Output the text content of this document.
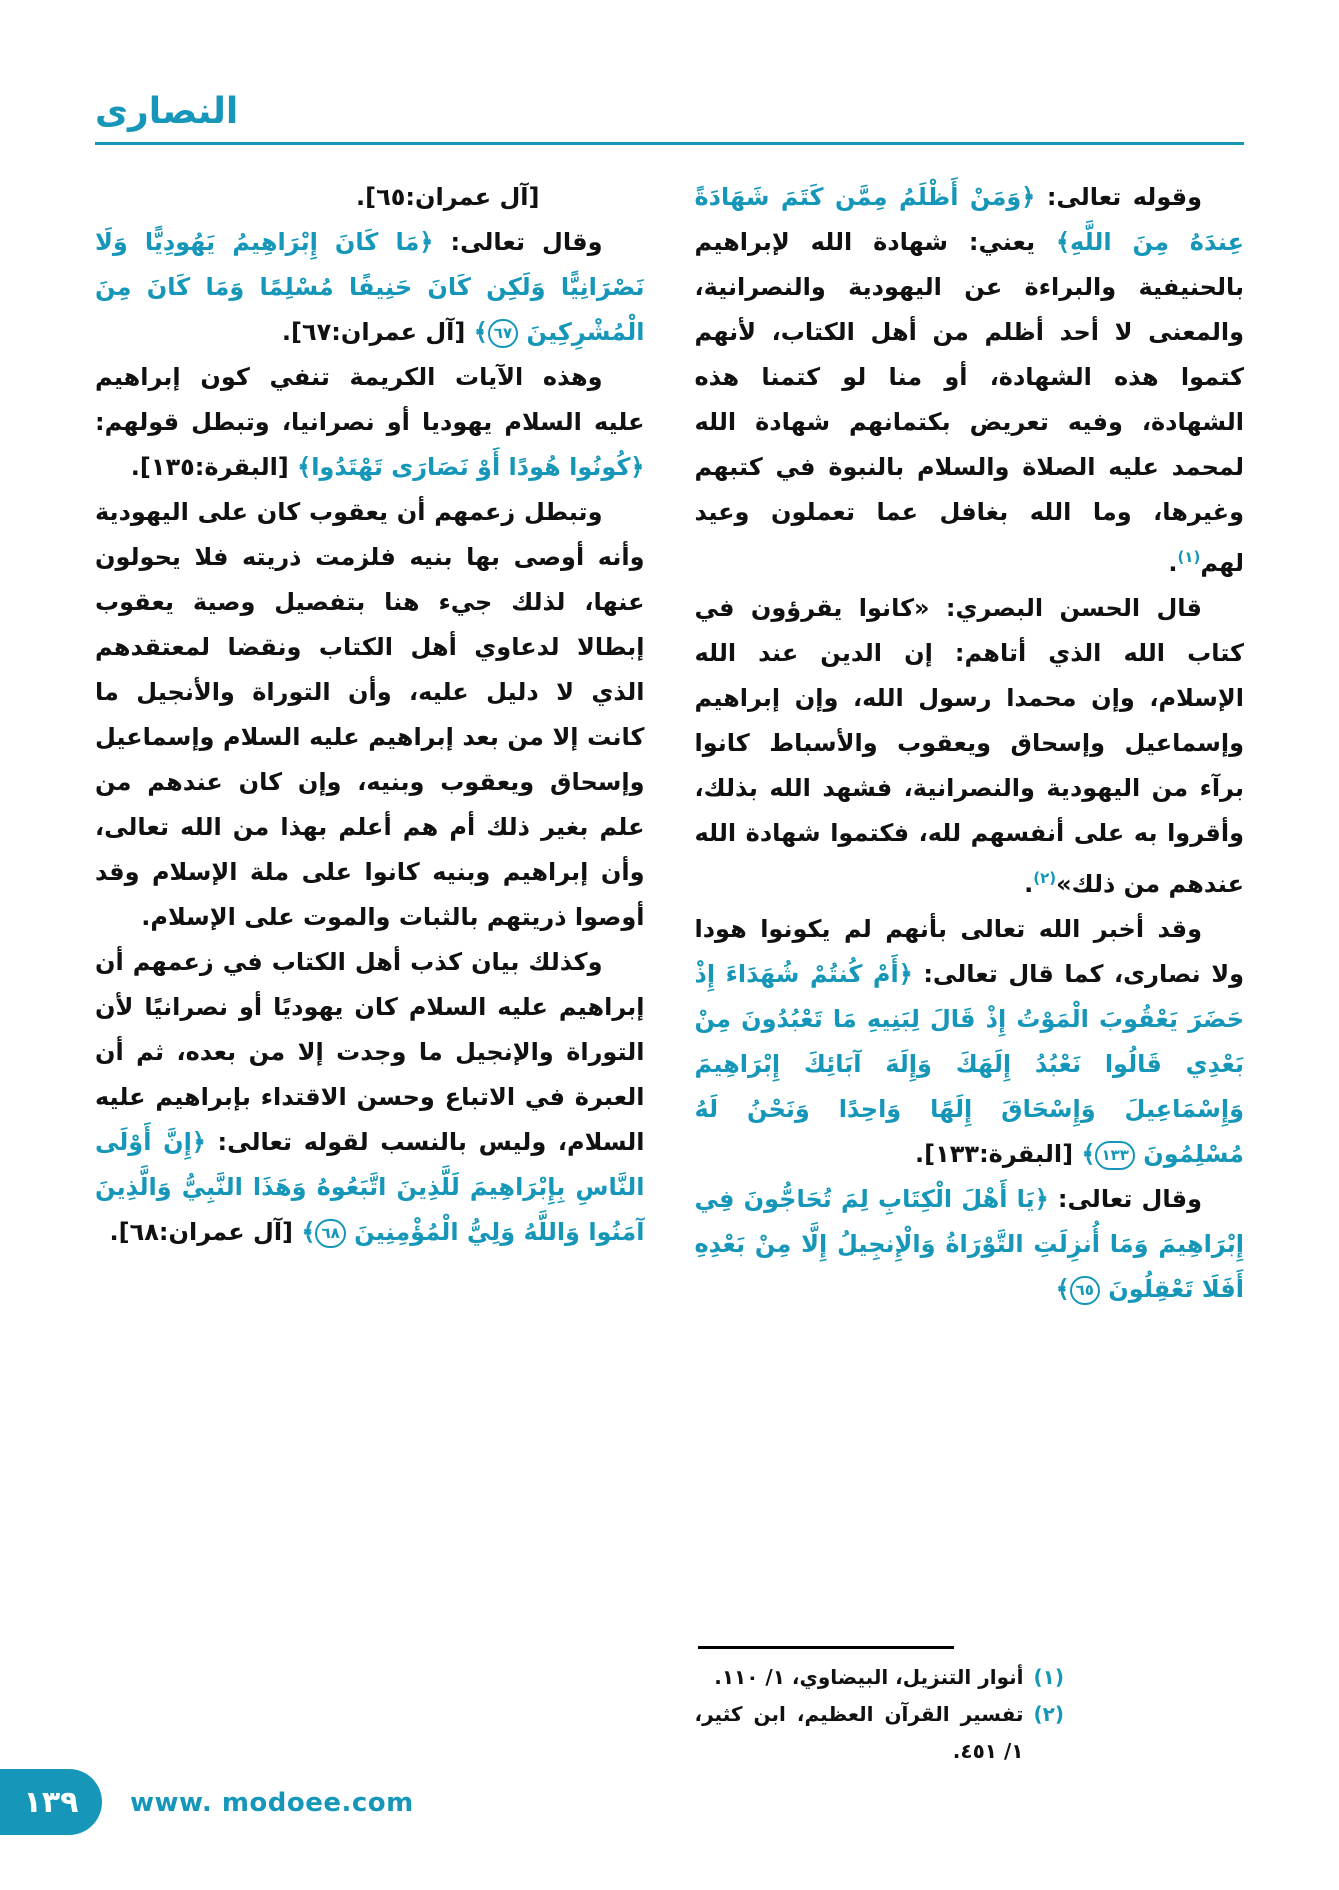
النصارى

وقوله تعالى: ﴿وَمَنْ أَظْلَمُ مِمَّن كَتَمَ شَهَادَةً عِندَهُ مِنَ اللَّهِ﴾ يعني: شهادة الله لإبراهيم بالحنيفية والبراءة عن اليهودية والنصرانية، والمعنى لا أحد أظلم من أهل الكتاب، لأنهم كتموا هذه الشهادة، أو منا لو كتمنا هذه الشهادة، وفيه تعريض بكتمانهم شهادة الله لمحمد عليه الصلاة والسلام بالنبوة في كتبهم وغيرها، وما الله بغافل عما تعملون وعيد لهم$^{(١)}$.

قال الحسن البصري: «كانوا يقرؤون في كتاب الله الذي أتاهم: إن الدين عند الله الإسلام، وإن محمدا رسول الله، وإن إبراهيم وإسماعيل وإسحاق ويعقوب والأسباط كانوا برآء من اليهودية والنصرانية، فشهد الله بذلك، وأقروا به على أنفسهم لله، فكتموا شهادة الله عندهم من ذلك»$^{(٢)}$.

وقد أخبر الله تعالى بأنهم لم يكونوا هودا ولا نصارى، كما قال تعالى: ﴿أَمْ كُنتُمْ شُهَدَاءَ إِذْ حَضَرَ يَعْقُوبَ الْمَوْتُ إِذْ قَالَ لِبَنِيهِ مَا تَعْبُدُونَ مِنْ بَعْدِي قَالُوا نَعْبُدُ إِلَهَكَ وَإِلَهَ آبَائِكَ إِبْرَاهِيمَ وَإِسْمَاعِيلَ وَإِسْحَاقَ إِلَهًا وَاحِدًا وَنَحْنُ لَهُ مُسْلِمُونَ ١٣٣﴾ [البقرة:١٣٣].

وقال تعالى: ﴿يَا أَهْلَ الْكِتَابِ لِمَ تُحَاجُّونَ فِي إِبْرَاهِيمَ وَمَا أُنزِلَتِ التَّوْرَاةُ وَالْإِنجِيلُ إِلَّا مِنْ بَعْدِهِ أَفَلَا تَعْقِلُونَ ٦٥﴾

(١)
أنوار التنزيل، البيضاوي، ١/ ١١٠.
(٢)
تفسير القرآن العظيم، ابن كثير، ١/ ٤٥١.

[آل عمران:٦٥].

وقال تعالى: ﴿مَا كَانَ إِبْرَاهِيمُ يَهُودِيًّا وَلَا نَصْرَانِيًّا وَلَكِن كَانَ حَنِيفًا مُسْلِمًا وَمَا كَانَ مِنَ الْمُشْرِكِينَ ٦٧﴾ [آل عمران:٦٧].

وهذه الآيات الكريمة تنفي كون إبراهيم عليه السلام يهوديا أو نصرانيا، وتبطل قولهم: ﴿كُونُوا هُودًا أَوْ نَصَارَى تَهْتَدُوا﴾ [البقرة:١٣٥].

وتبطل زعمهم أن يعقوب كان على اليهودية وأنه أوصى بها بنيه فلزمت ذريته فلا يحولون عنها، لذلك جيء هنا بتفصيل وصية يعقوب إبطالا لدعاوي أهل الكتاب ونقضا لمعتقدهم الذي لا دليل عليه، وأن التوراة والأنجيل ما كانت إلا من بعد إبراهيم عليه السلام وإسماعيل وإسحاق ويعقوب وبنيه، وإن كان عندهم من علم بغير ذلك أم هم أعلم بهذا من الله تعالى، وأن إبراهيم وبنيه كانوا على ملة الإسلام وقد أوصوا ذريتهم بالثبات والموت على الإسلام.

وكذلك بيان كذب أهل الكتاب في زعمهم أن إبراهيم عليه السلام كان يهوديًا أو نصرانيًا لأن التوراة والإنجيل ما وجدت إلا من بعده، ثم أن العبرة في الاتباع وحسن الاقتداء بإبراهيم عليه السلام، وليس بالنسب لقوله تعالى: ﴿إِنَّ أَوْلَى النَّاسِ بِإِبْرَاهِيمَ لَلَّذِينَ اتَّبَعُوهُ وَهَذَا النَّبِيُّ وَالَّذِينَ آمَنُوا وَاللَّهُ وَلِيُّ الْمُؤْمِنِينَ ٦٨﴾ [آل عمران:٦٨].

١٣٩ www. modoee.com
